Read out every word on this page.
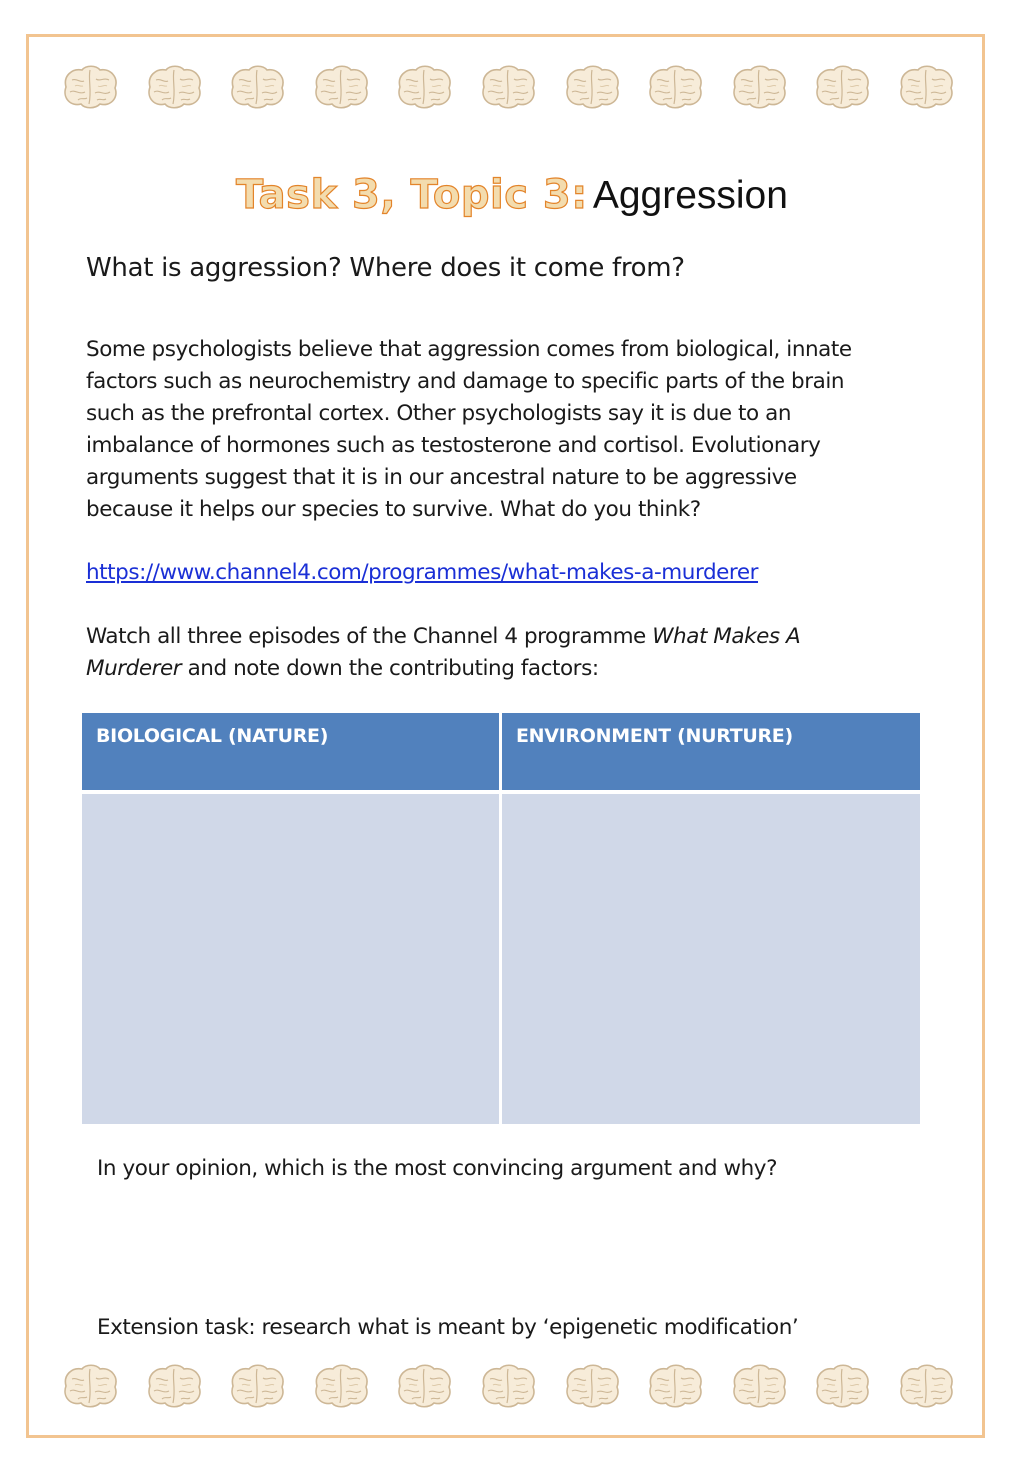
Task 3, Topic 3: Aggression
What is aggression? Where does it come from?

Some psychologists believe that aggression comes from biological, innate

factors such as neurochemistry and damage to specific parts of the brain

such as the prefrontal cortex. Other psychologists say it is due to an

imbalance of hormones such as testosterone and cortisol. Evolutionary

arguments suggest that it is in our ancestral nature to be aggressive

because it helps our species to survive. What do you think?

https://www.channel4.com/programmes/what-makes-a-murderer

Watch all three episodes of the Channel 4 programme What Makes A

Murderer and note down the contributing factors:

BIOLOGICAL (NATURE)	ENVIRONMENT (NURTURE)
In your opinion, which is the most convincing argument and why?
Extension task: research what is meant by ‘epigenetic modification’
